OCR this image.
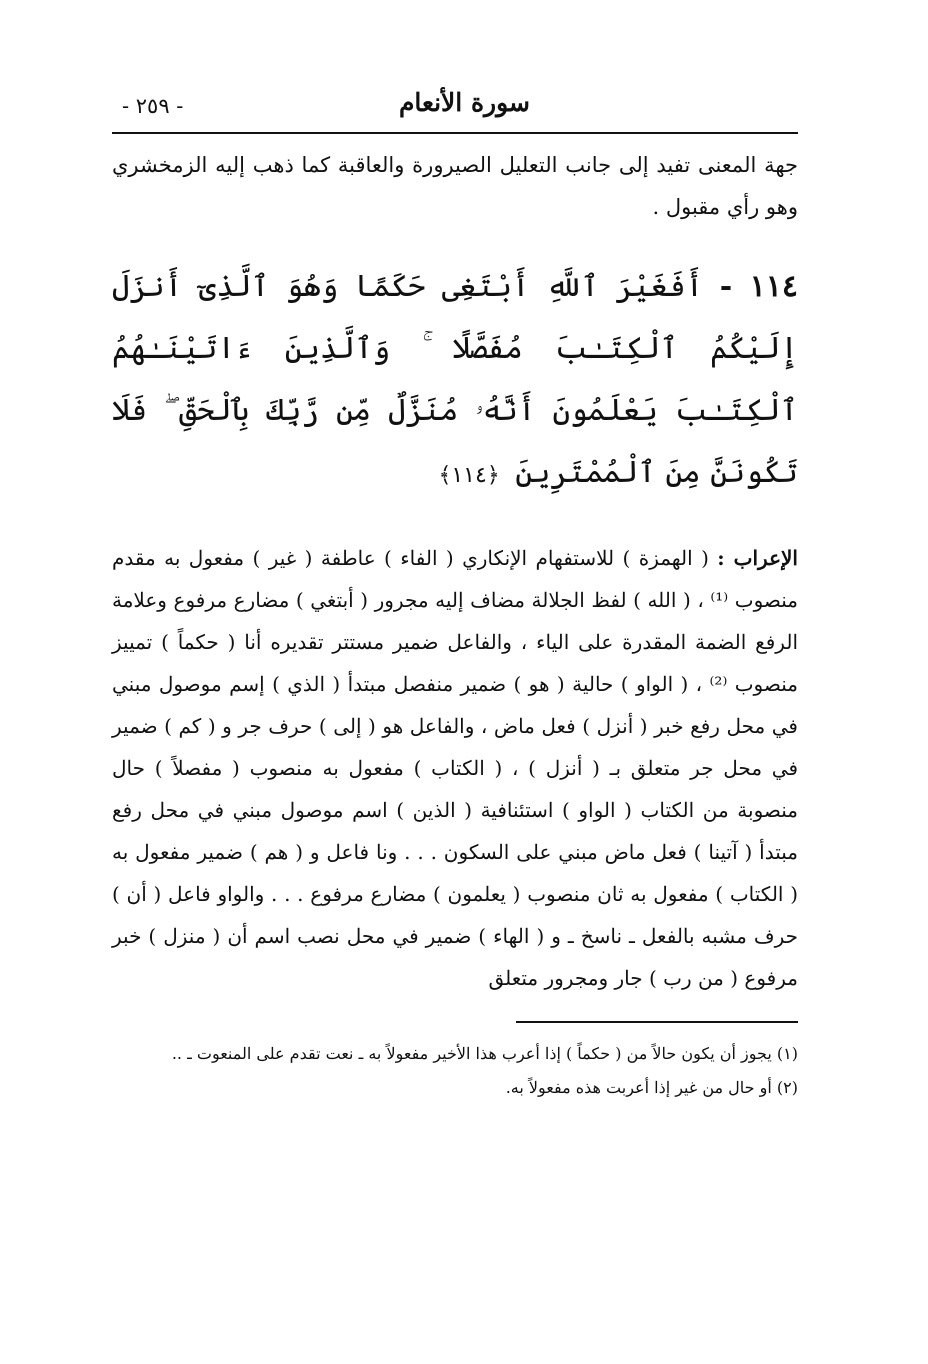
سورة الأنعام
- ٢٥٩ -

جهة المعنى تفيد إلى جانب التعليل الصيرورة والعاقبة كما ذهب إليه الزمخشري وهو رأي مقبول .

١١٤ - أَفَغَيْرَ ٱللَّهِ أَبْتَغِى حَكَمًا وَهُوَ ٱلَّذِىٓ أَنزَلَ إِلَيْكُمُ ٱلْكِتَـٰبَ مُفَصَّلًا ۚ وَٱلَّذِينَ ءَاتَيْنَـٰهُمُ ٱلْكِتَـٰبَ يَعْلَمُونَ أَنَّهُۥ مُنَزَّلٌ مِّن رَّبِّكَ بِٱلْحَقِّ ۖ فَلَا تَكُونَنَّ مِنَ ٱلْمُمْتَرِينَ ﴿١١٤﴾

الإعراب : ( الهمزة ) للاستفهام الإنكاري ( الفاء ) عاطفة ( غير ) مفعول به مقدم منصوب ⁽¹⁾ ، ( الله ) لفظ الجلالة مضاف إليه مجرور ( أبتغي ) مضارع مرفوع وعلامة الرفع الضمة المقدرة على الياء ، والفاعل ضمير مستتر تقديره أنا ( حكماً ) تمييز منصوب ⁽²⁾ ، ( الواو ) حالية ( هو ) ضمير منفصل مبتدأ ( الذي ) إسم موصول مبني في محل رفع خبر ( أنزل ) فعل ماض ، والفاعل هو ( إلى ) حرف جر و ( كم ) ضمير في محل جر متعلق بـ ( أنزل ) ، ( الكتاب ) مفعول به منصوب ( مفصلاً ) حال منصوبة من الكتاب ( الواو ) استئنافية ( الذين ) اسم موصول مبني في محل رفع مبتدأ ( آتينا ) فعل ماض مبني على السكون . . . ونا فاعل و ( هم ) ضمير مفعول به ( الكتاب ) مفعول به ثان منصوب ( يعلمون ) مضارع مرفوع . . . والواو فاعل ( أن ) حرف مشبه بالفعل ـ ناسخ ـ و ( الهاء ) ضمير في محل نصب اسم أن ( منزل ) خبر مرفوع ( من رب ) جار ومجرور متعلق

(١) يجوز أن يكون حالاً من ( حكماً ) إذا أعرب هذا الأخير مفعولاً به ـ نعت تقدم على المنعوت ـ ..

(٢) أو حال من غير إذا أعربت هذه مفعولاً به.
